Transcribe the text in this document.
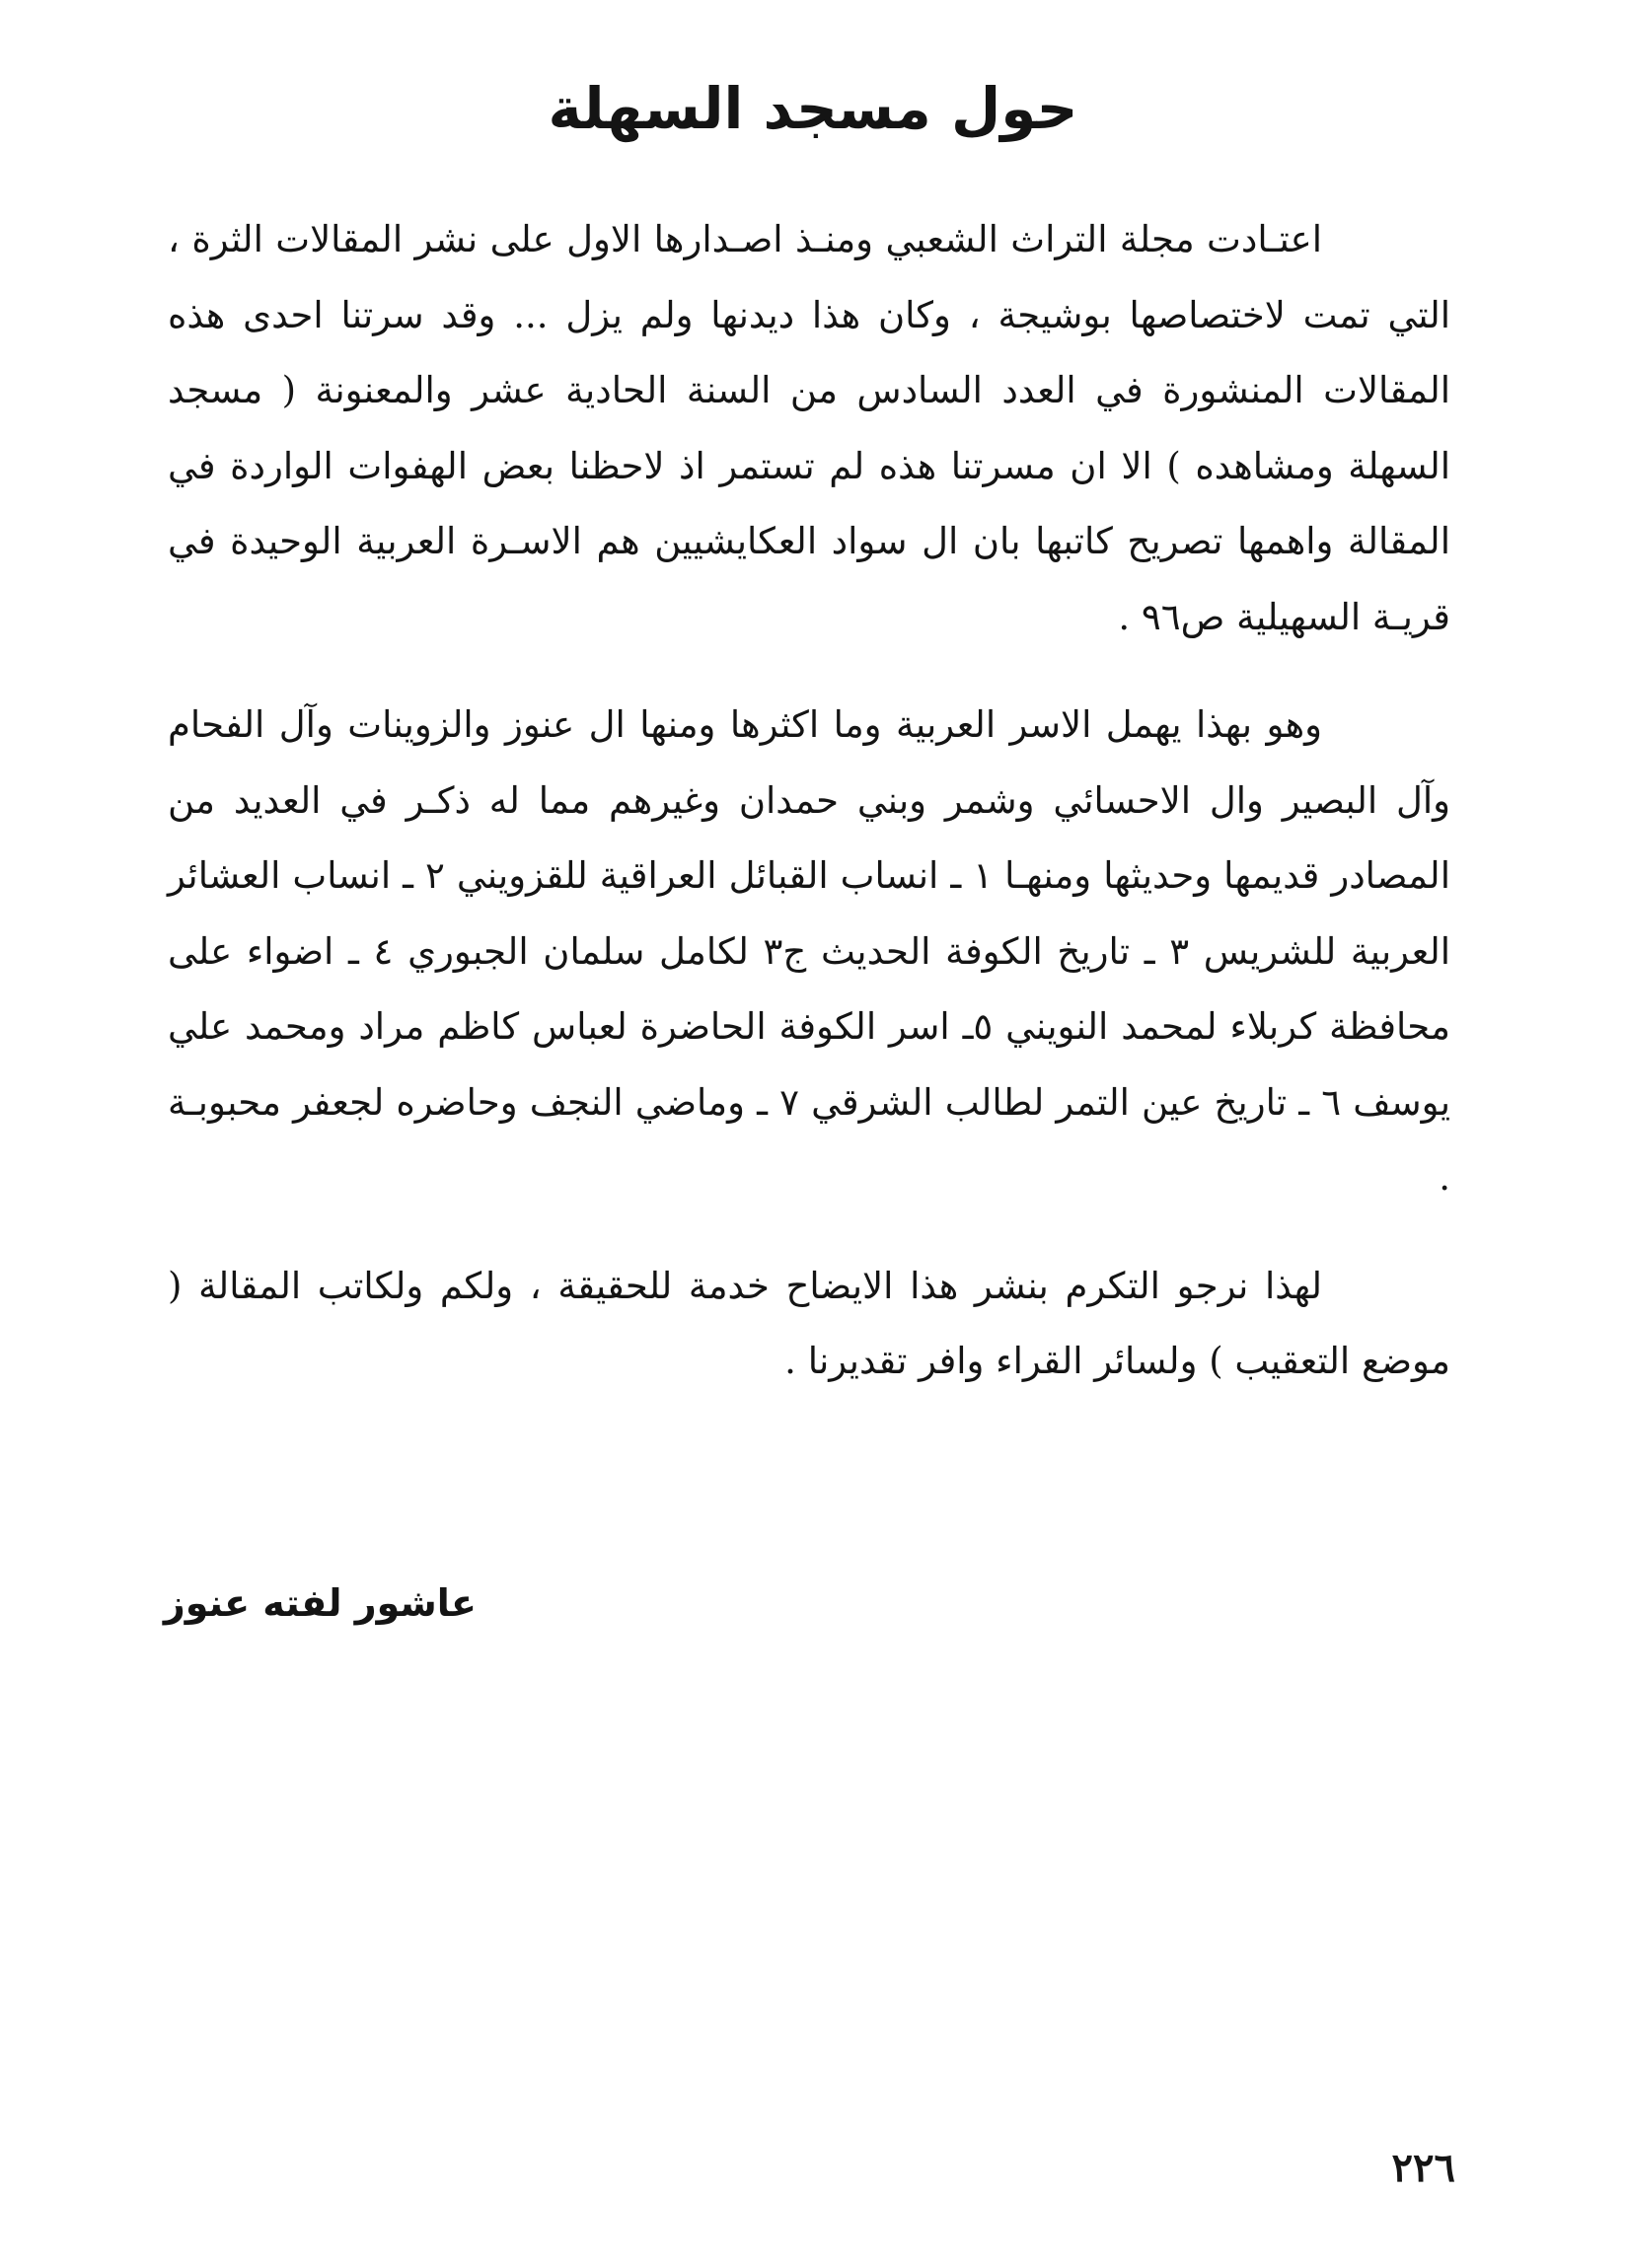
حول مسجد السهلة

اعتـادت مجلة التراث الشعبي ومنـذ اصـدارها الاول على نشر المقالات الثرة ، التي تمت لاختصاصها بوشيجة ، وكان هذا ديدنها ولم يزل ... وقد سرتنا احدى هذه المقالات المنشورة في العدد السادس من السنة الحادية عشر والمعنونة ( مسجد السهلة ومشاهده ) الا ان مسرتنا هذه لم تستمر اذ لاحظنا بعض الهفوات الواردة في المقالة واهمها تصريح كاتبها بان ال سواد العكايشيين هم الاسـرة العربية الوحيدة في قريـة السهيلية ص٩٦ .

وهو بهذا يهمل الاسر العربية وما اكثرها ومنها ال عنوز والزوينات وآل الفحام وآل البصير وال الاحسائي وشمر وبني حمدان وغيرهم مما له ذكـر في العديد من المصادر قديمها وحديثها ومنهـا ١ ـ انساب القبائل العراقية للقزويني ٢ ـ انساب العشائر العربية للشريس ٣ ـ تاريخ الكوفة الحديث ج٣ لكامل سلمان الجبوري ٤ ـ اضواء على محافظة كربلاء لمحمد النويني ٥ـ اسر الكوفة الحاضرة لعباس كاظم مراد ومحمد علي يوسف ٦ ـ تاريخ عين التمر لطالب الشرقي ٧ ـ وماضي النجف وحاضره لجعفر محبوبـة .

لهذا نرجو التكرم بنشر هذا الايضاح خدمة للحقيقة ، ولكم ولكاتب المقالة ( موضع التعقيب ) ولسائر القراء وافر تقديرنا .

عاشور لفته عنوز

٢٢٦
